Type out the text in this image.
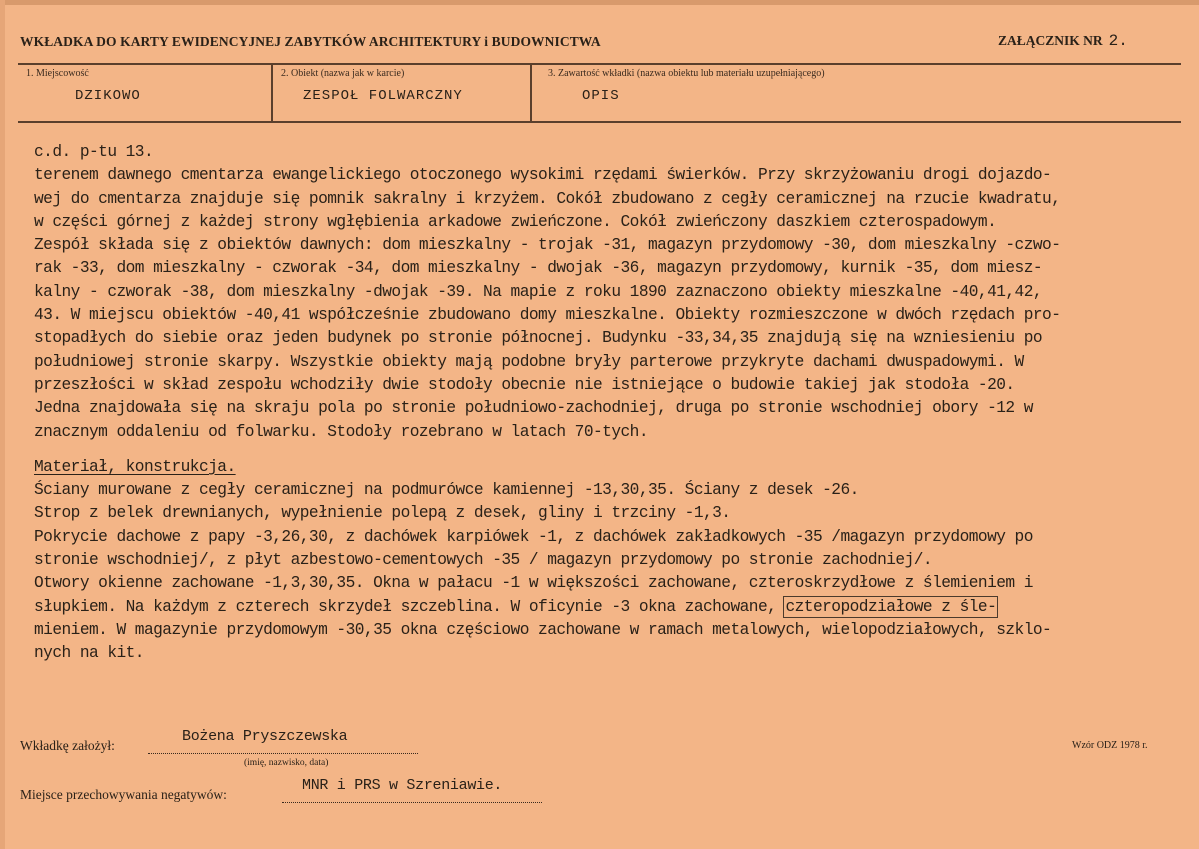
WKŁADKA DO KARTY EWIDENCYJNEJ ZABYTKÓW ARCHITEKTURY i BUDOWNICTWA	ZAŁĄCZNIK NR 2.
1. Miejscowość
DZIKOWO
2. Obiekt (nazwa jak w karcie)
ZESPOŁ FOLWARCZNY
3. Zawartość wkładki (nazwa obiektu lub materiału uzupełniającego)
OPIS
c.d. p-tu 13.
terenem dawnego cmentarza ewangelickiego otoczonego wysokimi rzędami świerków. Przy skrzyżowaniu drogi dojazdo-
wej do cmentarza znajduje się pomnik sakralny i krzyżem. Cokół zbudowano z cegły ceramicznej na rzucie kwadratu,
w części górnej z każdej strony wgłębienia arkadowe zwieńczone. Cokół zwieńczony daszkiem czterospadowym.
Zespół składa się z obiektów dawnych: dom mieszkalny - trojak -31, magazyn przydomowy -30, dom mieszkalny -czwo-
rak -33, dom mieszkalny - czworak -34, dom mieszkalny - dwojak -36, magazyn przydomowy, kurnik -35, dom miesz-
kalny - czworak -38, dom mieszkalny -dwojak -39. Na mapie z roku 1890 zaznaczono obiekty mieszkalne -40,41,42,
43. W miejscu obiektów -40,41 współcześnie zbudowano domy mieszkalne. Obiekty rozmieszczone w dwóch rzędach pro-
stopadłych do siebie oraz jeden budynek po stronie północnej. Budynku -33,34,35 znajdują się na wzniesieniu po
południowej stronie skarpy. Wszystkie obiekty mają podobne bryły parterowe przykryte dachami dwuspadowymi. W
przeszłości w skład zespołu wchodziły dwie stodoły obecnie nie istniejące o budowie takiej jak stodoła -20.
Jedna znajdowała się na skraju pola po stronie południowo-zachodniej, druga po stronie wschodniej obory -12 w
znacznym oddaleniu od folwarku. Stodoły rozebrano w latach 70-tych.
Materiał, konstrukcja.
Ściany murowane z cegły ceramicznej na podmurówce kamiennej -13,30,35. Ściany z desek -26.
Strop z belek drewnianych, wypełnienie polepą z desek, gliny i trzciny -1,3.
Pokrycie dachowe z papy -3,26,30, z dachówek karpiówek -1, z dachówek zakładkowych -35 /magazyn przydomowy po
stronie wschodniej/, z płyt azbestowo-cementowych -35 / magazyn przydomowy po stronie zachodniej/.
Otwory okienne zachowane -1,3,30,35. Okna w pałacu -1 w większości zachowane, czteroskrzydłowe z ślemieniem i
słupkiem. Na każdym z czterech skrzydeł szczeblina. W oficynie -3 okna zachowane, czteropodziałowe z śle-
mieniem. W magazynie przydomowym -30,35 okna częściowo zachowane w ramach metalowych, wielopodziałowych, szklo-
nych na kit.
Wkładkę założył:
Bożena Pryszczewska
(imię, nazwisko, data)
Wzór ODZ 1978 r.
Miejsce przechowywania negatywów:
MNR i PRS w Szreniawie.
